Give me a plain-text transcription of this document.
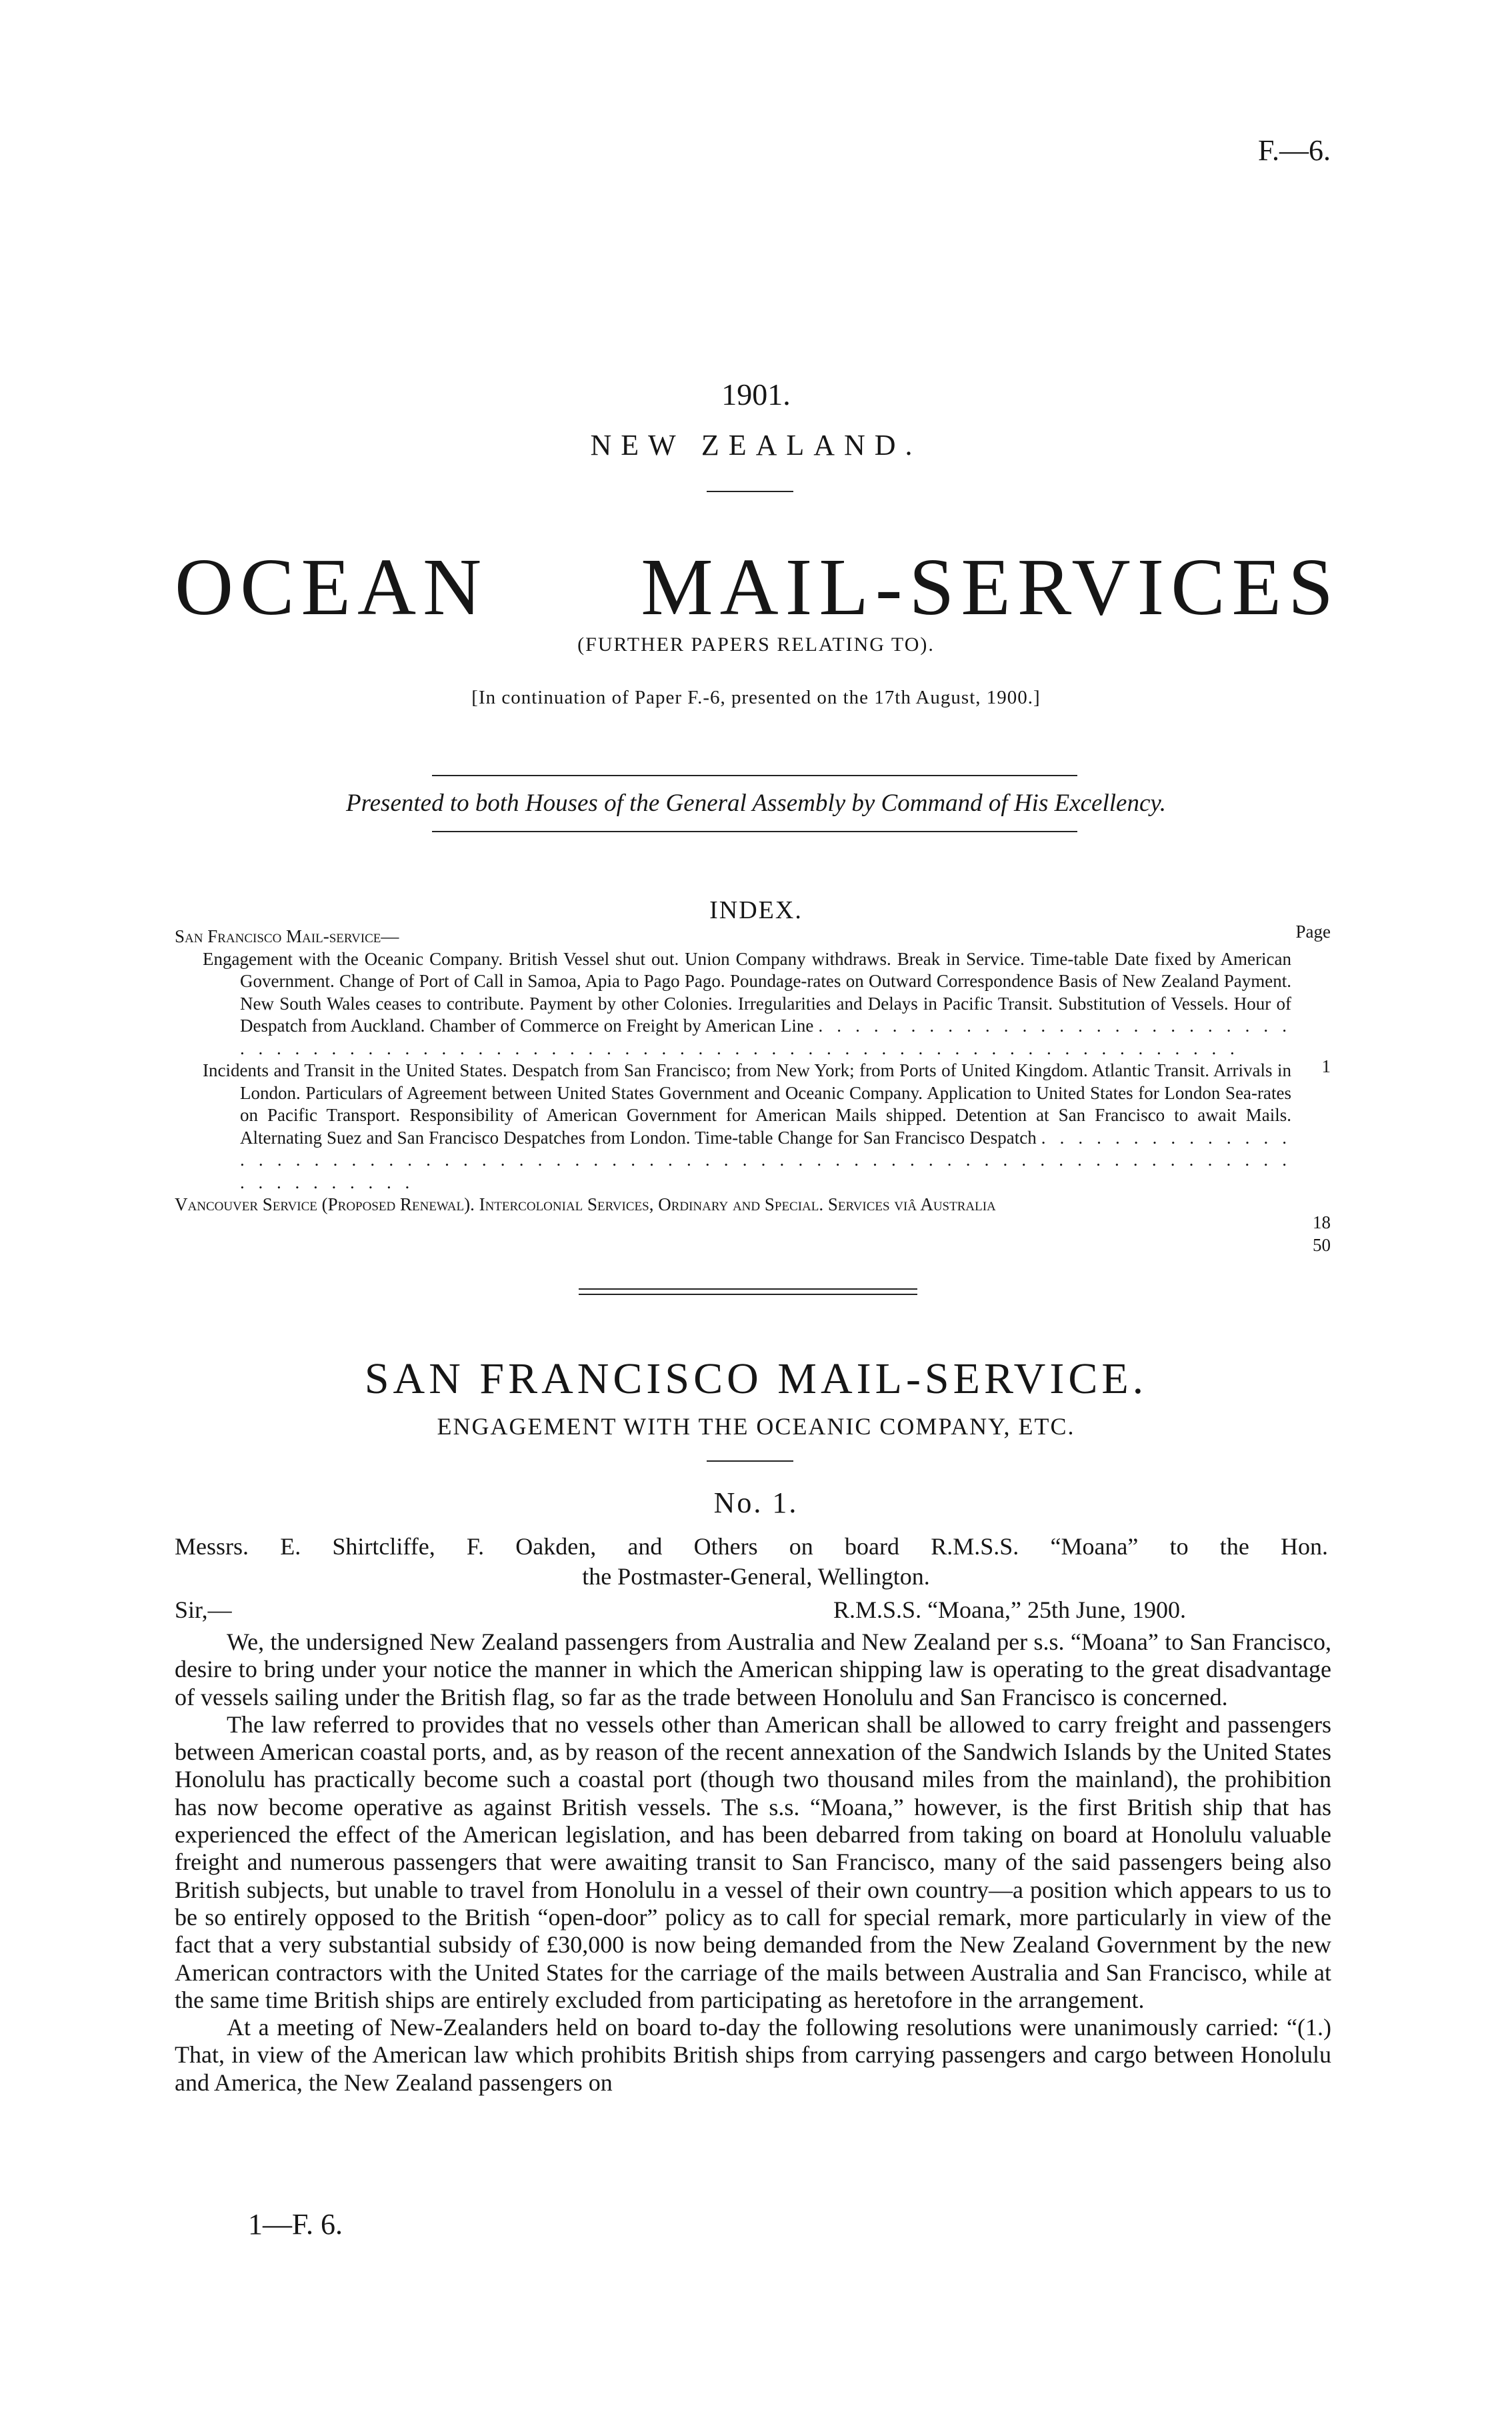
F.—6.
1901.
NEW ZEALAND.
OCEAN MAIL-SERVICES
(FURTHER PAPERS RELATING TO).
[In continuation of Paper F.-6, presented on the 17th August, 1900.]
Presented to both Houses of the General Assembly by Command of His Excellency.
INDEX.
Page
San Francisco Mail-service—
Engagement with the Oceanic Company. British Vessel shut out. Union Company withdraws. Break in Service. Time-table Date fixed by American Government. Change of Port of Call in Samoa, Apia to Pago Pago. Poundage-rates on Outward Correspondence Basis of New Zealand Payment. New South Wales ceases to contribute. Payment by other Colonies. Irregularities and Delays in Pacific Transit. Substitution of Vessels. Hour of Despatch from Auckland. Chamber of Commerce on Freight by American Line . . . . . . . . . . . . . . . . . . . . . . . . . . . . . . . . . . . . . . . . . . . . . . . . . . . . . . . . . . . . . . . . . . . . . . . . . . . . . . . . .
Incidents and Transit in the United States. Despatch from San Francisco; from New York; from Ports of United Kingdom. Atlantic Transit. Arrivals in London. Particulars of Agreement between United States Government and Oceanic Company. Application to United States for London Sea-rates on Pacific Transport. Responsibility of American Government for American Mails shipped. Detention at San Francisco to await Mails. Alternating Suez and San Francisco Despatches from London. Time-table Change for San Francisco Despatch . . . . . . . . . . . . . . . . . . . . . . . . . . . . . . . . . . . . . . . . . . . . . . . . . . . . . . . . . . . . . . . . . . . . . . . . . . . . . . . . .
Vancouver Service (Proposed Renewal). Intercolonial Services, Ordinary and Special. Services viâ Australia
1
18
50
SAN FRANCISCO MAIL-SERVICE.
ENGAGEMENT WITH THE OCEANIC COMPANY, ETC.
No. 1.
Messrs. E. Shirtcliffe, F. Oakden, and Others on board R.M.S.S. “Moana” to the Hon.
the Postmaster-General, Wellington.
Sir,—	R.M.S.S. “Moana,” 25th June, 1900.

We, the undersigned New Zealand passengers from Australia and New Zealand per s.s. “Moana” to San Francisco, desire to bring under your notice the manner in which the American shipping law is operating to the great disadvantage of vessels sailing under the British flag, so far as the trade between Honolulu and San Francisco is concerned.

The law referred to provides that no vessels other than American shall be allowed to carry freight and passengers between American coastal ports, and, as by reason of the recent annexation of the Sandwich Islands by the United States Honolulu has practically become such a coastal port (though two thousand miles from the mainland), the prohibition has now become operative as against British vessels. The s.s. “Moana,” however, is the first British ship that has experienced the effect of the American legislation, and has been debarred from taking on board at Honolulu valuable freight and numerous passengers that were awaiting transit to San Francisco, many of the said passengers being also British subjects, but unable to travel from Honolulu in a vessel of their own country—a position which appears to us to be so entirely opposed to the British “open-door” policy as to call for special remark, more particularly in view of the fact that a very substantial subsidy of £30,000 is now being demanded from the New Zealand Government by the new American contractors with the United States for the carriage of the mails between Australia and San Francisco, while at the same time British ships are entirely excluded from participating as heretofore in the arrangement.

At a meeting of New-Zealanders held on board to-day the following resolutions were unanimously carried: “(1.) That, in view of the American law which prohibits British ships from carrying passengers and cargo between Honolulu and America, the New Zealand passengers on

1—F. 6.
